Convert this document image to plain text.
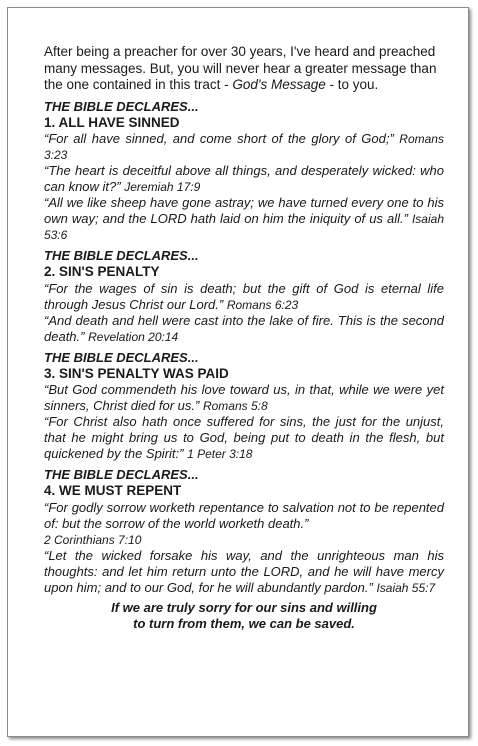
After being a preacher for over 30 years, I've heard and preached many messages. But, you will never hear a greater message than the one contained in this tract - God's Message - to you.

THE BIBLE DECLARES...

1. ALL HAVE SINNED

“For all have sinned, and come short of the glory of God;” Romans 3:23

“The heart is deceitful above all things, and desperately wicked: who can know it?” Jeremiah 17:9

“All we like sheep have gone astray; we have turned every one to his own way; and the LORD hath laid on him the iniquity of us all.” Isaiah 53:6

THE BIBLE DECLARES...

2. SIN'S PENALTY

“For the wages of sin is death; but the gift of God is eternal life through Jesus Christ our Lord.” Romans 6:23

“And death and hell were cast into the lake of fire. This is the second death.” Revelation 20:14

THE BIBLE DECLARES...

3. SIN'S PENALTY WAS PAID

“But God commendeth his love toward us, in that, while we were yet sinners, Christ died for us.” Romans 5:8

“For Christ also hath once suffered for sins, the just for the unjust, that he might bring us to God, being put to death in the flesh, but quickened by the Spirit:” 1 Peter 3:18

THE BIBLE DECLARES...

4. WE MUST REPENT

“For godly sorrow worketh repentance to salvation not to be repented of: but the sorrow of the world worketh death.”

2 Corinthians 7:10

“Let the wicked forsake his way, and the unrighteous man his thoughts: and let him return unto the LORD, and he will have mercy upon him; and to our God, for he will abundantly pardon.” Isaiah 55:7

If we are truly sorry for our sins and willing
to turn from them, we can be saved.
